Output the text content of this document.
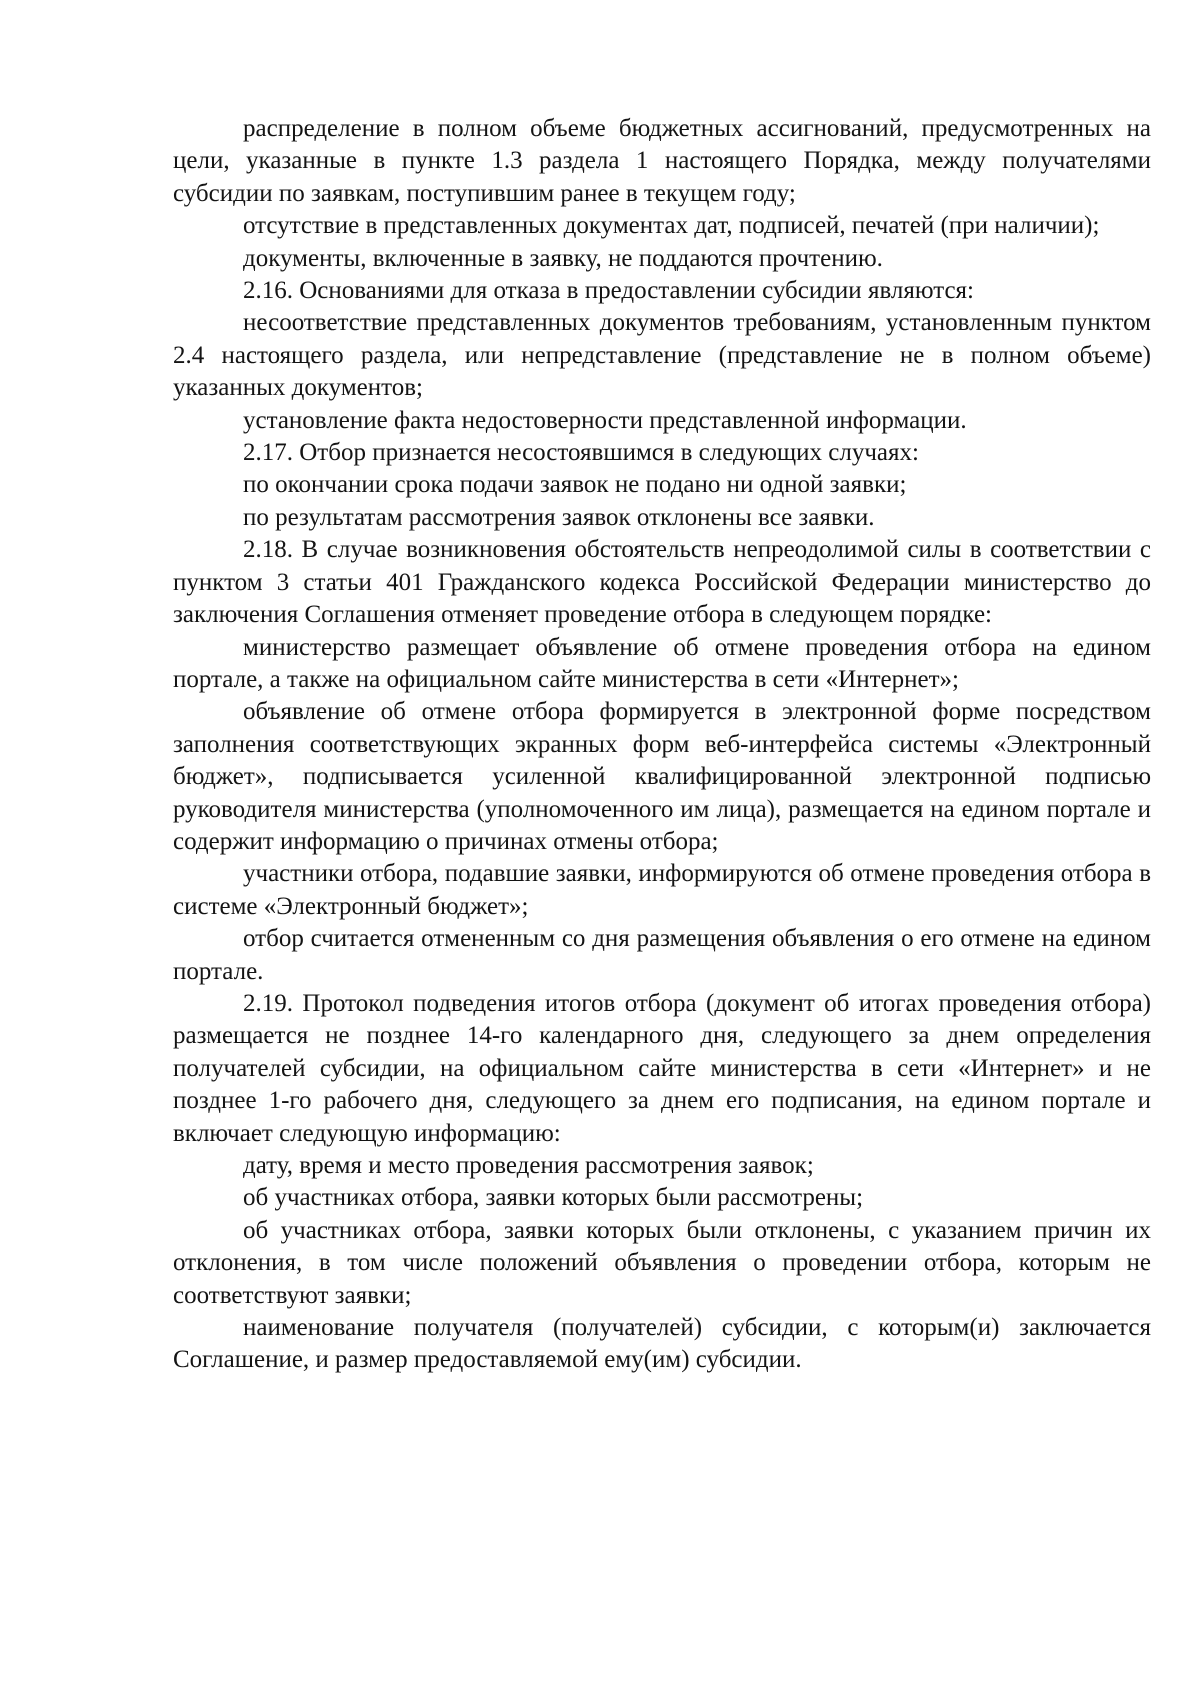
распределение в полном объеме бюджетных ассигнований, предусмотренных на цели, указанные в пункте 1.3 раздела 1 настоящего Порядка, между получателями субсидии по заявкам, поступившим ранее в текущем году;

отсутствие в представленных документах дат, подписей, печатей (при наличии);

документы, включенные в заявку, не поддаются прочтению.

2.16. Основаниями для отказа в предоставлении субсидии являются:

несоответствие представленных документов требованиям, установленным пунктом 2.4 настоящего раздела, или непредставление (представление не в полном объеме) указанных документов;

установление факта недостоверности представленной информации.

2.17. Отбор признается несостоявшимся в следующих случаях:

по окончании срока подачи заявок не подано ни одной заявки;

по результатам рассмотрения заявок отклонены все заявки.

2.18. В случае возникновения обстоятельств непреодолимой силы в соответствии с пунктом 3 статьи 401 Гражданского кодекса Российской Федерации министерство до заключения Соглашения отменяет проведение отбора в следующем порядке:

министерство размещает объявление об отмене проведения отбора на едином портале, а также на официальном сайте министерства в сети «Интернет»;

объявление об отмене отбора формируется в электронной форме посредством заполнения соответствующих экранных форм веб-интерфейса системы «Электронный бюджет», подписывается усиленной квалифицированной электронной подписью руководителя министерства (уполномоченного им лица), размещается на едином портале и содержит информацию о причинах отмены отбора;

участники отбора, подавшие заявки, информируются об отмене проведения отбора в системе «Электронный бюджет»;

отбор считается отмененным со дня размещения объявления о его отмене на едином портале.

2.19. Протокол подведения итогов отбора (документ об итогах проведения отбора) размещается не позднее 14-го календарного дня, следующего за днем определения получателей субсидии, на официальном сайте министерства в сети «Интернет» и не позднее 1-го рабочего дня, следующего за днем его подписания, на едином портале и включает следующую информацию:

дату, время и место проведения рассмотрения заявок;

об участниках отбора, заявки которых были рассмотрены;

об участниках отбора, заявки которых были отклонены, с указанием причин их отклонения, в том числе положений объявления о проведении отбора, которым не соответствуют заявки;

наименование получателя (получателей) субсидии, с которым(и) заключается Соглашение, и размер предоставляемой ему(им) субсидии.
